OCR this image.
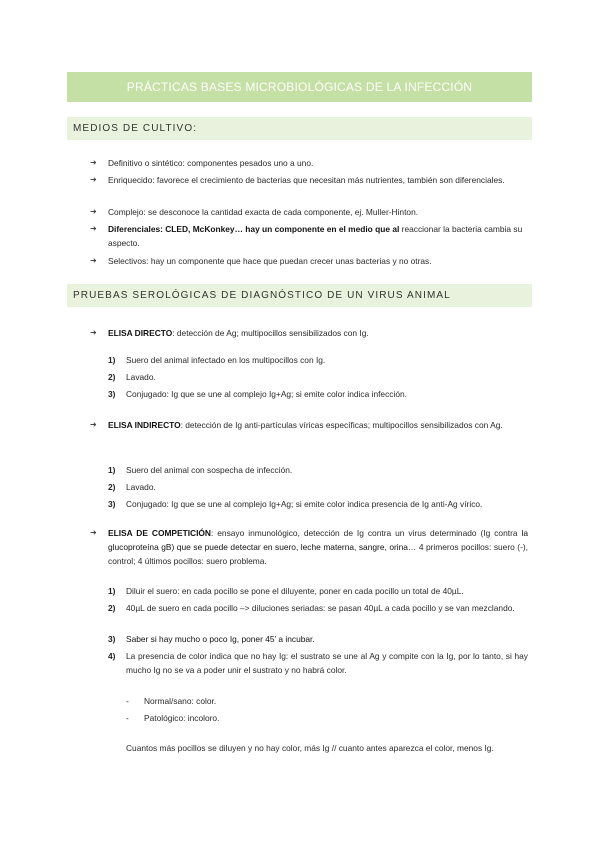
PRÁCTICAS BASES MICROBIOLÓGICAS DE LA INFECCIÓN
MEDIOS DE CULTIVO:
➜ Definitivo o sintético: componentes pesados uno a uno.
➜ Enriquecido: favorece el crecimiento de bacterias que necesitan más nutrientes, también son diferenciales.
➜ Complejo: se desconoce la cantidad exacta de cada componente, ej. Muller-Hinton.
➜ Diferenciales: CLED, McKonkey… hay un componente en el medio que al reaccionar la bacteria cambia su aspecto.
➜ Selectivos: hay un componente que hace que puedan crecer unas bacterias y no otras.
PRUEBAS SEROLÓGICAS DE DIAGNÓSTICO DE UN VIRUS ANIMAL
➜ ELISA DIRECTO: detección de Ag; multipocillos sensibilizados con Ig.
1) Suero del animal infectado en los multipocillos con Ig.
2) Lavado.
3) Conjugado: Ig que se une al complejo Ig+Ag; si emite color indica infección.
➜ ELISA INDIRECTO: detección de Ig anti-partículas víricas específicas; multipocillos sensibilizados con Ag.
1) Suero del animal con sospecha de infección.
2) Lavado.
3) Conjugado: Ig que se une al complejo Ig+Ag; si emite color indica presencia de Ig anti-Ag vírico.
➜ ELISA DE COMPETICIÓN: ensayo inmunológico, detección de Ig contra un virus determinado (Ig contra la glucoproteína gB) que se puede detectar en suero, leche materna, sangre, orina… 4 primeros pocillos: suero (-), control; 4 últimos pocillos: suero problema.
1) Diluir el suero: en cada pocillo se pone el diluyente, poner en cada pocillo un total de 40µL.
2) 40µL de suero en cada pocillo –> diluciones seriadas: se pasan 40µL a cada pocillo y se van mezclando.
3) Saber si hay mucho o poco Ig, poner 45’ a incubar.
4) La presencia de color indica que no hay Ig: el sustrato se une al Ag y compite con la Ig, por lo tanto, si hay mucho Ig no se va a poder unir el sustrato y no habrá color.
- Normal/sano: color.
- Patológico: incoloro.
Cuantos más pocillos se diluyen y no hay color, más Ig // cuanto antes aparezca el color, menos Ig.
